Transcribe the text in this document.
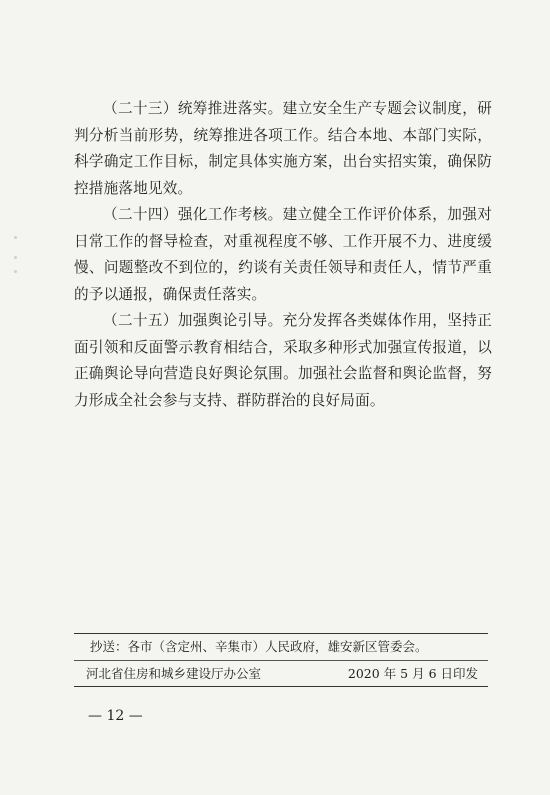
（二十三）统筹推进落实。建立安全生产专题会议制度，研判分析当前形势，统筹推进各项工作。结合本地、本部门实际，科学确定工作目标，制定具体实施方案，出台实招实策，确保防控措施落地见效。

（二十四）强化工作考核。建立健全工作评价体系，加强对日常工作的督导检查，对重视程度不够、工作开展不力、进度缓慢、问题整改不到位的，约谈有关责任领导和责任人，情节严重的予以通报，确保责任落实。

（二十五）加强舆论引导。充分发挥各类媒体作用，坚持正面引领和反面警示教育相结合，采取多种形式加强宣传报道，以正确舆论导向营造良好舆论氛围。加强社会监督和舆论监督，努力形成全社会参与支持、群防群治的良好局面。

抄送：各市（含定州、辛集市）人民政府，雄安新区管委会。
河北省住房和城乡建设厅办公室	2020 年 5 月 6 日印发
— 12 —
